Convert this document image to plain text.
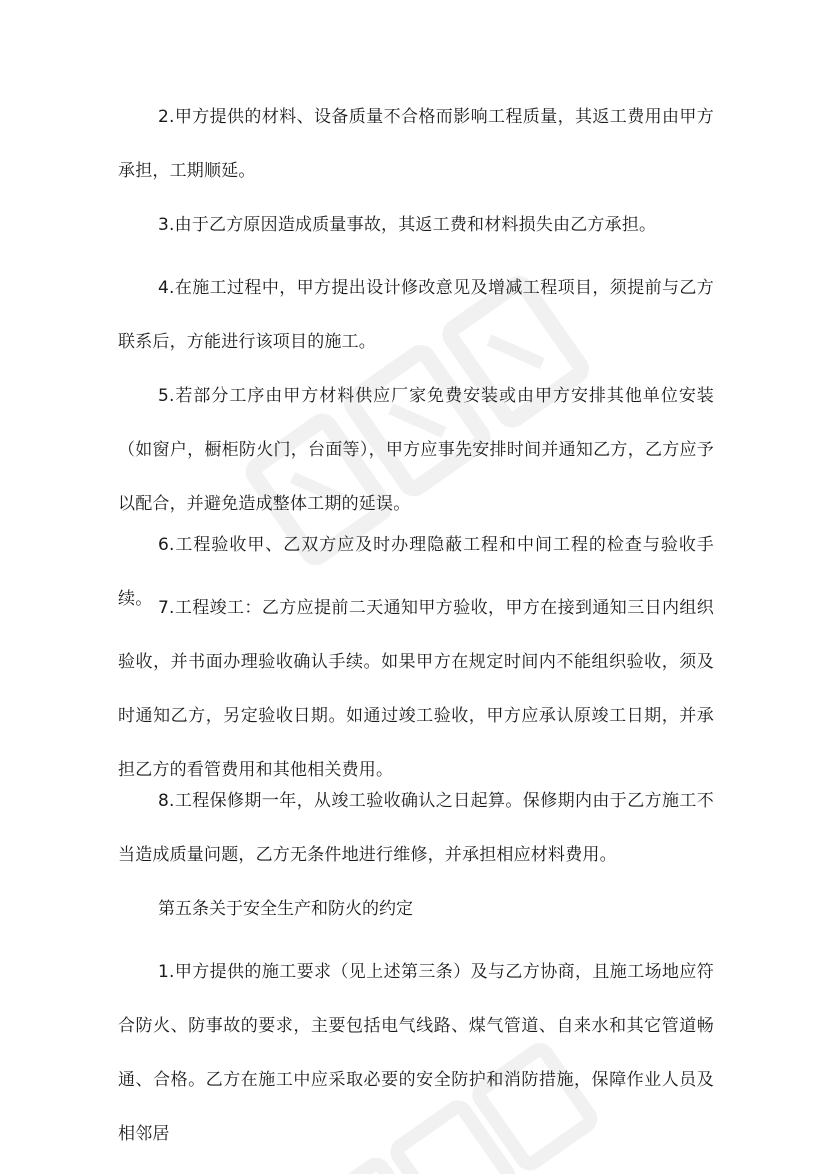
2.甲方提供的材料、设备质量不合格而影响工程质量，其返工费用由甲方承担，工期顺延。

3.由于乙方原因造成质量事故，其返工费和材料损失由乙方承担。

4.在施工过程中，甲方提出设计修改意见及增减工程项目，须提前与乙方联系后，方能进行该项目的施工。

5.若部分工序由甲方材料供应厂家免费安装或由甲方安排其他单位安装（如窗户，橱柜防火门，台面等），甲方应事先安排时间并通知乙方，乙方应予以配合，并避免造成整体工期的延误。

6.工程验收甲、乙双方应及时办理隐蔽工程和中间工程的检查与验收手续。 7.工程竣工：乙方应提前二天通知甲方验收，甲方在接到通知三日内组织验收，并书面办理验收确认手续。如果甲方在规定时间内不能组织验收，须及时通知乙方，另定验收日期。如通过竣工验收，甲方应承认原竣工日期，并承担乙方的看管费用和其他相关费用。

8.工程保修期一年，从竣工验收确认之日起算。保修期内由于乙方施工不当造成质量问题，乙方无条件地进行维修，并承担相应材料费用。

第五条关于安全生产和防火的约定

1.甲方提供的施工要求（见上述第三条）及与乙方协商，且施工场地应符合防火、防事故的要求，主要包括电气线路、煤气管道、自来水和其它管道畅通、合格。乙方在施工中应采取必要的安全防护和消防措施，保障作业人员及相邻居
